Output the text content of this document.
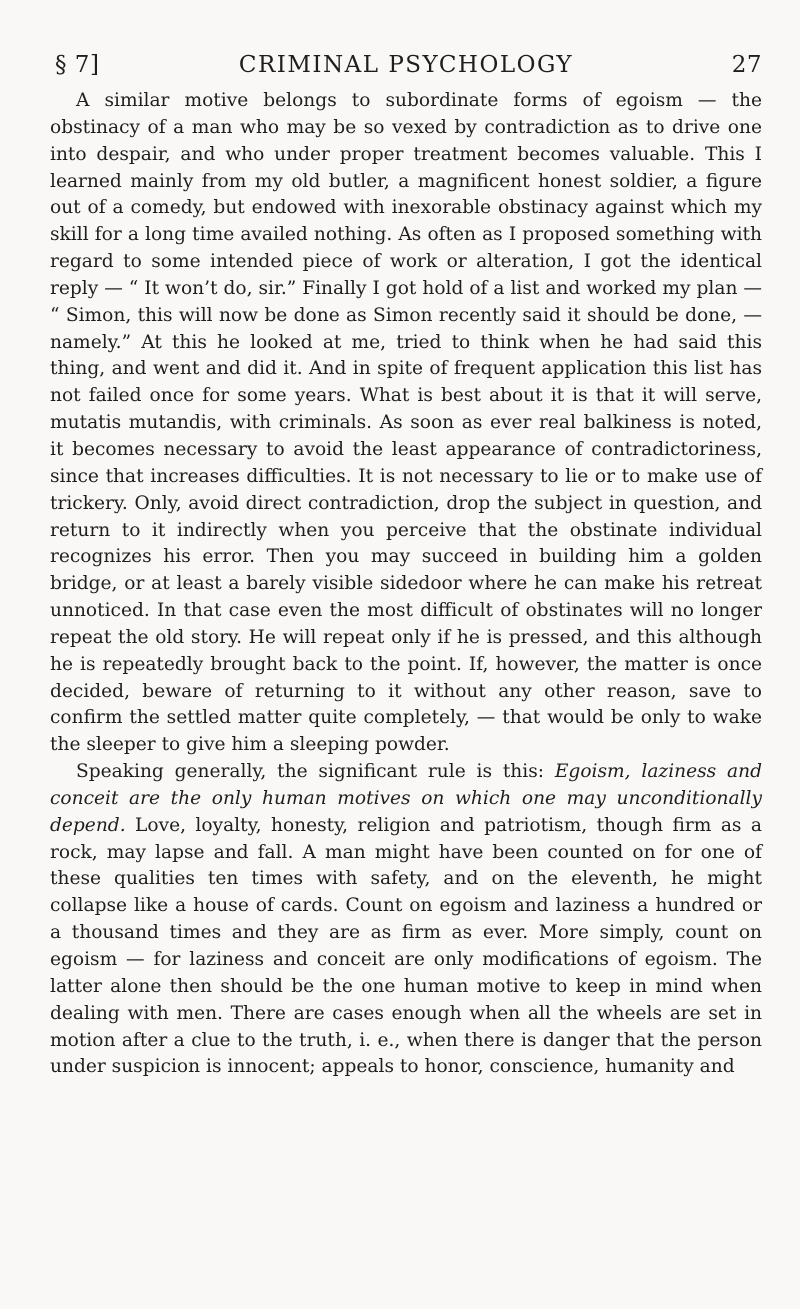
§ 7]	CRIMINAL PSYCHOLOGY	27

A similar motive belongs to subordinate forms of egoism — the obstinacy of a man who may be so vexed by contradiction as to drive one into despair, and who under proper treatment becomes valuable. This I learned mainly from my old butler, a magnificent honest soldier, a figure out of a comedy, but endowed with inexorable obstinacy against which my skill for a long time availed nothing. As often as I proposed something with regard to some intended piece of work or alteration, I got the identical reply — “ It won’t do, sir.” Finally I got hold of a list and worked my plan — “ Simon, this will now be done as Simon recently said it should be done, — namely.” At this he looked at me, tried to think when he had said this thing, and went and did it. And in spite of frequent application this list has not failed once for some years. What is best about it is that it will serve, mutatis mutandis, with criminals. As soon as ever real balkiness is noted, it becomes necessary to avoid the least appearance of contradictoriness, since that increases difficulties. It is not necessary to lie or to make use of trickery. Only, avoid direct contradiction, drop the subject in question, and return to it indirectly when you perceive that the obstinate individual recognizes his error. Then you may succeed in building him a golden bridge, or at least a barely visible sidedoor where he can make his retreat unnoticed. In that case even the most difficult of obstinates will no longer repeat the old story. He will repeat only if he is pressed, and this although he is repeatedly brought back to the point. If, however, the matter is once decided, beware of returning to it without any other reason, save to confirm the settled matter quite completely, — that would be only to wake the sleeper to give him a sleeping powder.

Speaking generally, the significant rule is this: Egoism, laziness and conceit are the only human motives on which one may unconditionally depend. Love, loyalty, honesty, religion and patriotism, though firm as a rock, may lapse and fall. A man might have been counted on for one of these qualities ten times with safety, and on the eleventh, he might collapse like a house of cards. Count on egoism and laziness a hundred or a thousand times and they are as firm as ever. More simply, count on egoism — for laziness and conceit are only modifications of egoism. The latter alone then should be the one human motive to keep in mind when dealing with men. There are cases enough when all the wheels are set in motion after a clue to the truth, i. e., when there is danger that the person under suspicion is innocent; appeals to honor, conscience, humanity and
